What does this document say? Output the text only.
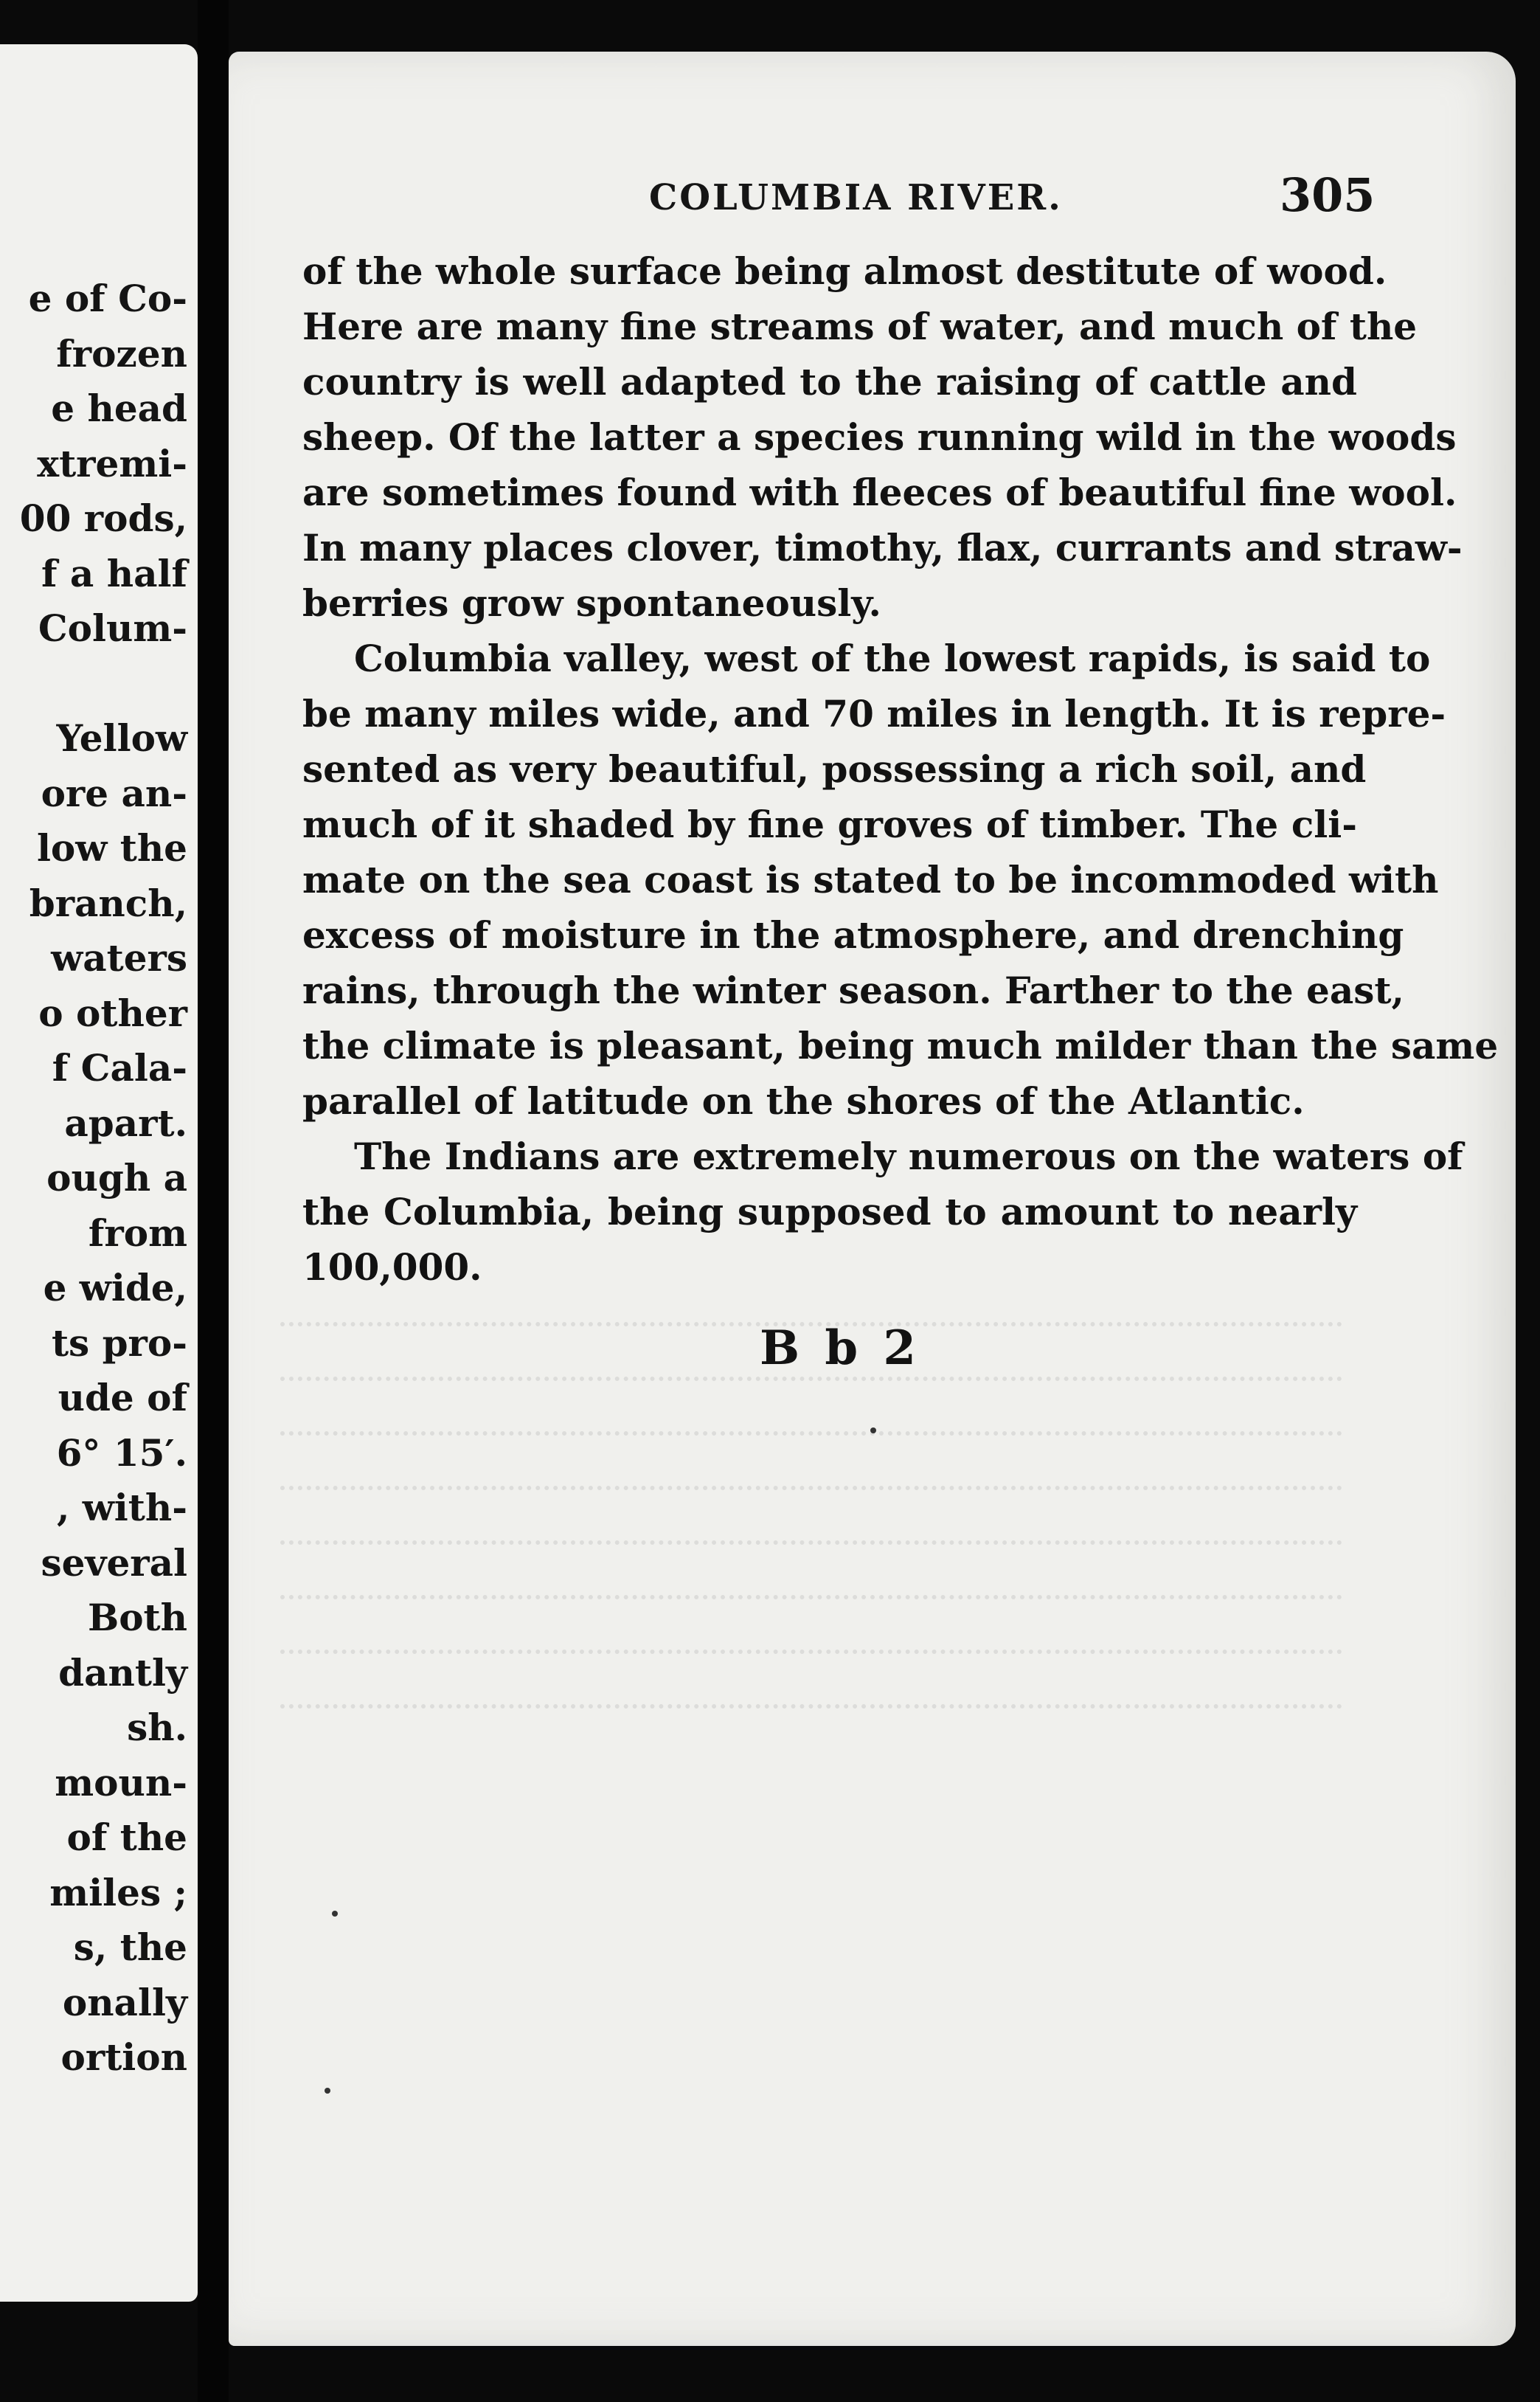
e of Co-
frozen
e head
xtremi-
00 rods,
f a half
Colum-
Yellow
ore an-
low the
branch,
waters
o other
f Cala-
apart.
ough a
from
e wide,
ts pro-
ude of
6° 15′.
, with-
several
Both
dantly
sh.
moun-
of the
miles ;
s, the
onally
ortion
COLUMBIA RIVER.	305
of the whole surface being almost destitute of wood.
Here are many fine streams of water, and much of the
country is well adapted to the raising of cattle and
sheep. Of the latter a species running wild in the woods
are sometimes found with fleeces of beautiful fine wool.
In many places clover, timothy, flax, currants and straw-
berries grow spontaneously.
Columbia valley, west of the lowest rapids, is said to
be many miles wide, and 70 miles in length. It is repre-
sented as very beautiful, possessing a rich soil, and
much of it shaded by fine groves of timber. The cli-
mate on the sea coast is stated to be incommoded with
excess of moisture in the atmosphere, and drenching
rains, through the winter season. Farther to the east,
the climate is pleasant, being much milder than the same
parallel of latitude on the shores of the Atlantic.
The Indians are extremely numerous on the waters of
the Columbia, being supposed to amount to nearly
100,000.
B b 2
